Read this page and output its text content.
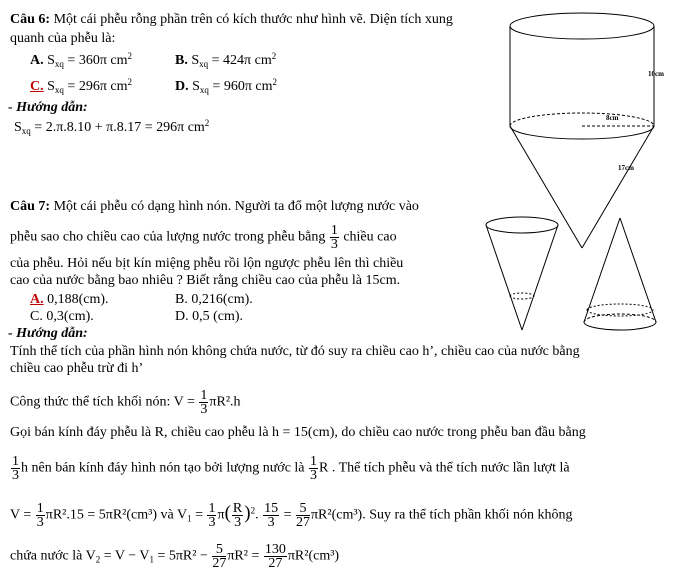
Câu 6: Một cái phễu rỗng phần trên có kích thước như hình vẽ. Diện tích xung
quanh của phễu là:
A. $S_{xq} = 360\pi$ $cm^2$	B. $S_{xq} = 424\pi$ $cm^2$
C. $S_{xq} = 296\pi$ $cm^2$	D. $S_{xq} = 960\pi$ $cm^2$
- Hướng dẫn:
$S_{xq} = 2.\pi.8.10 + \pi.8.17 = 296\pi$ $cm^2$
10cm
8cm
17cm
Câu 7: Một cái phễu có dạng hình nón. Người ta đổ một lượng nước vào
phễu sao cho chiều cao của lượng nước trong phễu bằng $\frac{1}{3}$ chiều cao
của phễu. Hỏi nếu bịt kín miệng phễu rồi lộn ngược phễu lên thì chiều
cao của nước bằng bao nhiêu ? Biết rằng chiều cao của phễu là 15cm.
A. 0,188(cm).	B. 0,216(cm).
C. 0,3(cm).	D. 0,5 (cm).
- Hướng dẫn:
Tính thể tích của phần hình nón không chứa nước, từ đó suy ra chiều cao h’, chiều cao của nước bằng
chiều cao phễu trừ đi h’
Công thức thể tích khối nón: $V = \frac{1}{3} \pi R^2.h$
Gọi bán kính đáy phễu là R, chiều cao phễu là h = 15(cm), do chiều cao nước trong phễu ban đầu bằng
$\frac{1}{3}$ h nên bán kính đáy hình nón tạo bởi lượng nước là $\frac{1}{3}$ R . Thể tích phễu và thể tích nước lần lượt là
$V = \frac{1}{3} \pi R^2.15 = 5\pi R^2(cm^3)$ và $V_1 = \frac{1}{3} \pi( \frac{R}{3} )^2$. $\frac{15}{3} = \frac{5}{27} \pi R^2(cm^3)$. Suy ra thể tích phần khối nón không
chứa nước là $V_2 = V - V_1 = 5\pi R^2 - \frac{5}{27} \pi R^2 = \frac{130}{27} \pi R^2(cm^3)$
